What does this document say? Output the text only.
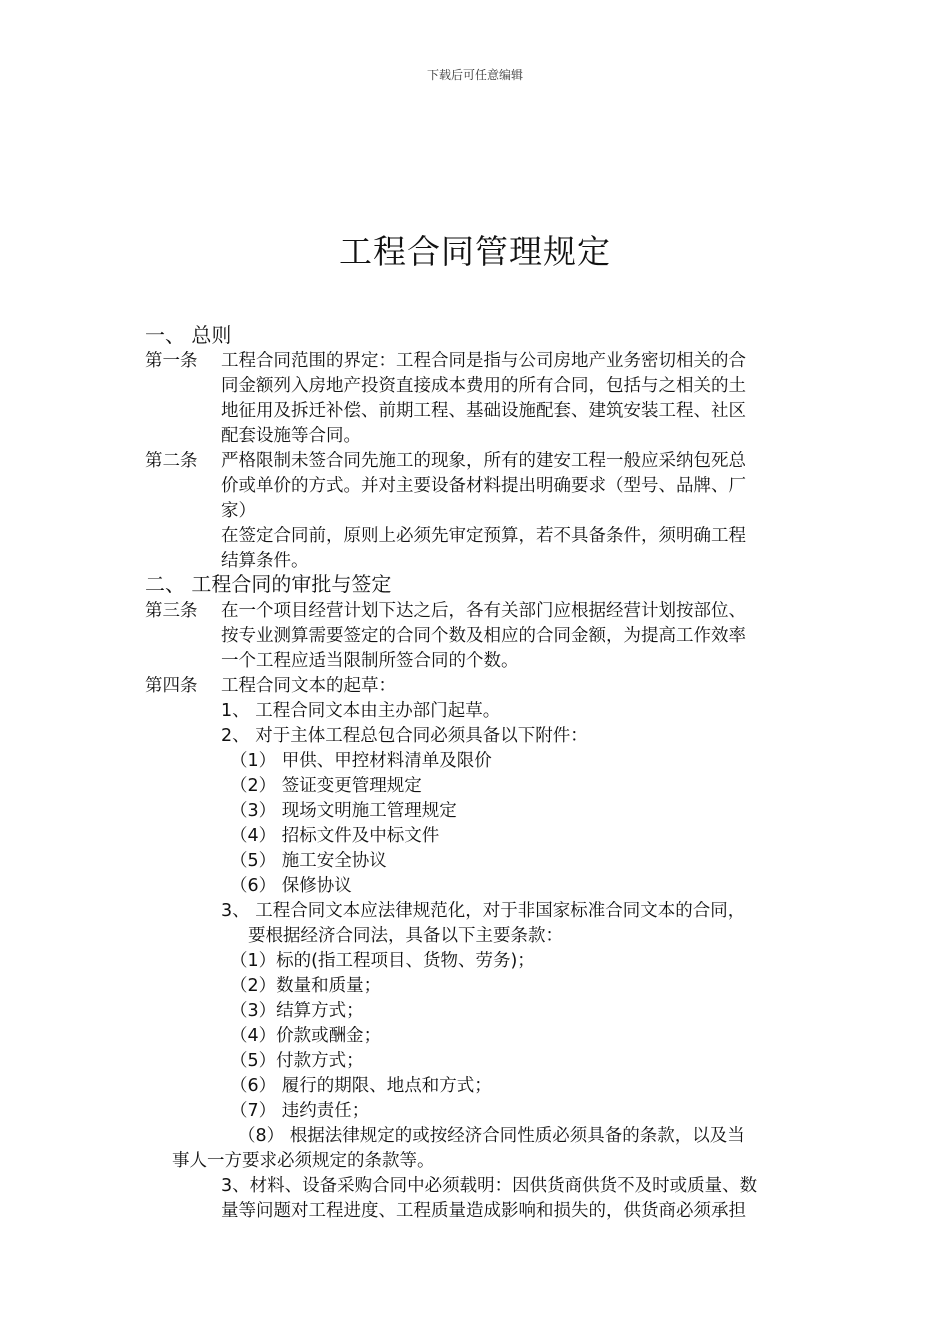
下载后可任意编辑
工程合同管理规定
一、 总则
第一条 工程合同范围的界定：工程合同是指与公司房地产业务密切相关的合
同金额列入房地产投资直接成本费用的所有合同，包括与之相关的土
地征用及拆迁补偿、前期工程、基础设施配套、建筑安装工程、社区
配套设施等合同。
第二条 严格限制未签合同先施工的现象，所有的建安工程一般应采纳包死总
价或单价的方式。并对主要设备材料提出明确要求（型号、品牌、厂
家）
在签定合同前，原则上必须先审定预算，若不具备条件，须明确工程
结算条件。
二、 工程合同的审批与签定
第三条 在一个项目经营计划下达之后，各有关部门应根据经营计划按部位、
按专业测算需要签定的合同个数及相应的合同金额，为提高工作效率
一个工程应适当限制所签合同的个数。
第四条 工程合同文本的起草：
1、 工程合同文本由主办部门起草。
2、 对于主体工程总包合同必须具备以下附件：
（1） 甲供、甲控材料清单及限价
（2） 签证变更管理规定
（3） 现场文明施工管理规定
（4） 招标文件及中标文件
（5） 施工安全协议
（6） 保修协议
3、 工程合同文本应法律规范化，对于非国家标准合同文本的合同，
要根据经济合同法，具备以下主要条款：
（1）标的(指工程项目、货物、劳务)；
（2）数量和质量；
（3）结算方式；
（4）价款或酬金；
（5）付款方式；
（6） 履行的期限、地点和方式；
（7） 违约责任；
（8） 根据法律规定的或按经济合同性质必须具备的条款，以及当
事人一方要求必须规定的条款等。
3、材料、设备采购合同中必须载明：因供货商供货不及时或质量、数
量等问题对工程进度、工程质量造成影响和损失的，供货商必须承担
